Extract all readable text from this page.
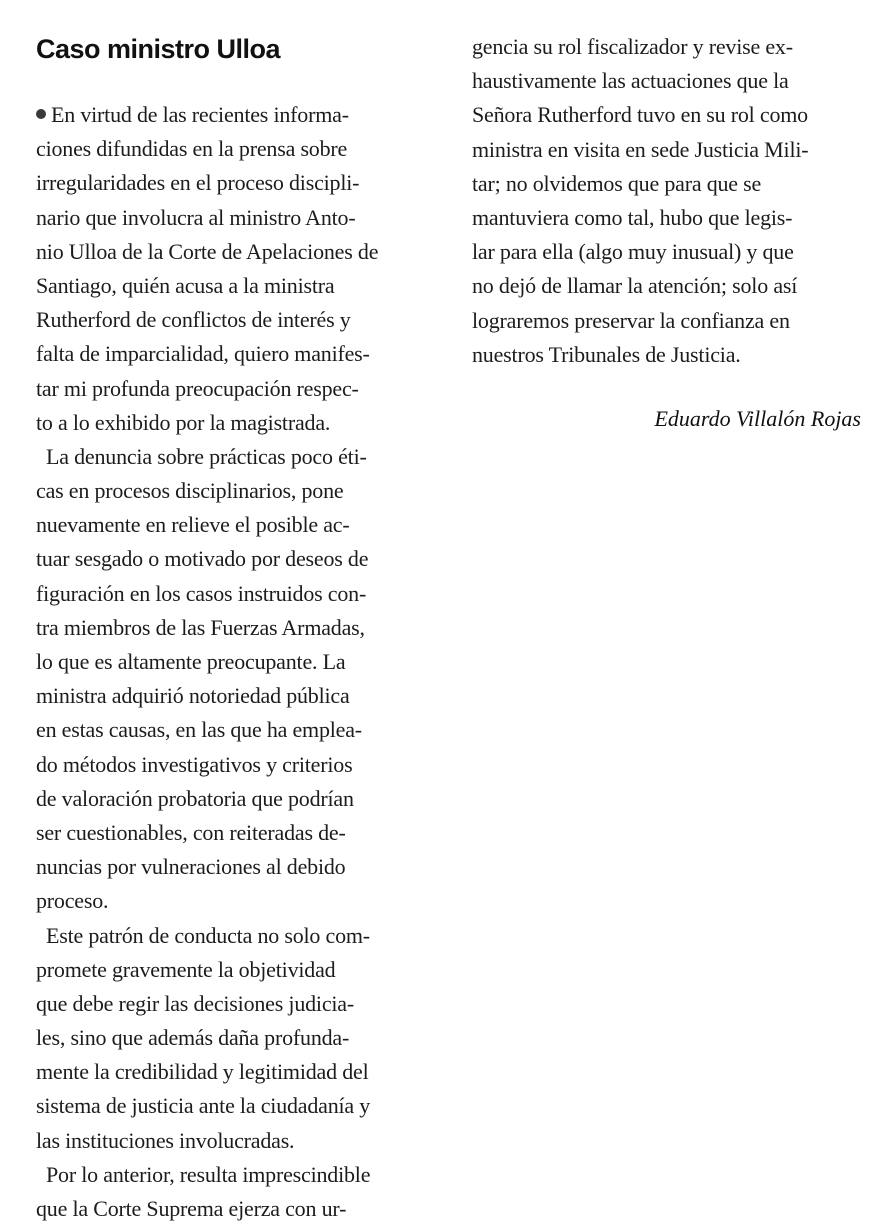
Caso ministro Ulloa
En virtud de las recientes informa-
ciones difundidas en la prensa sobre
irregularidades en el proceso discipli-
nario que involucra al ministro Anto-
nio Ulloa de la Corte de Apelaciones de
Santiago, quién acusa a la ministra
Rutherford de conflictos de interés y
falta de imparcialidad, quiero manifes-
tar mi profunda preocupación respec-
to a lo exhibido por la magistrada.
La denuncia sobre prácticas poco éti-
cas en procesos disciplinarios, pone
nuevamente en relieve el posible ac-
tuar sesgado o motivado por deseos de
figuración en los casos instruidos con-
tra miembros de las Fuerzas Armadas,
lo que es altamente preocupante. La
ministra adquirió notoriedad pública
en estas causas, en las que ha emplea-
do métodos investigativos y criterios
de valoración probatoria que podrían
ser cuestionables, con reiteradas de-
nuncias por vulneraciones al debido
proceso.
Este patrón de conducta no solo com-
promete gravemente la objetividad
que debe regir las decisiones judicia-
les, sino que además daña profunda-
mente la credibilidad y legitimidad del
sistema de justicia ante la ciudadanía y
las instituciones involucradas.
Por lo anterior, resulta imprescindible
que la Corte Suprema ejerza con ur-
gencia su rol fiscalizador y revise ex-
haustivamente las actuaciones que la
Señora Rutherford tuvo en su rol como
ministra en visita en sede Justicia Mili-
tar; no olvidemos que para que se
mantuviera como tal, hubo que legis-
lar para ella (algo muy inusual) y que
no dejó de llamar la atención; solo así
lograremos preservar la confianza en
nuestros Tribunales de Justicia.
Eduardo Villalón Rojas
